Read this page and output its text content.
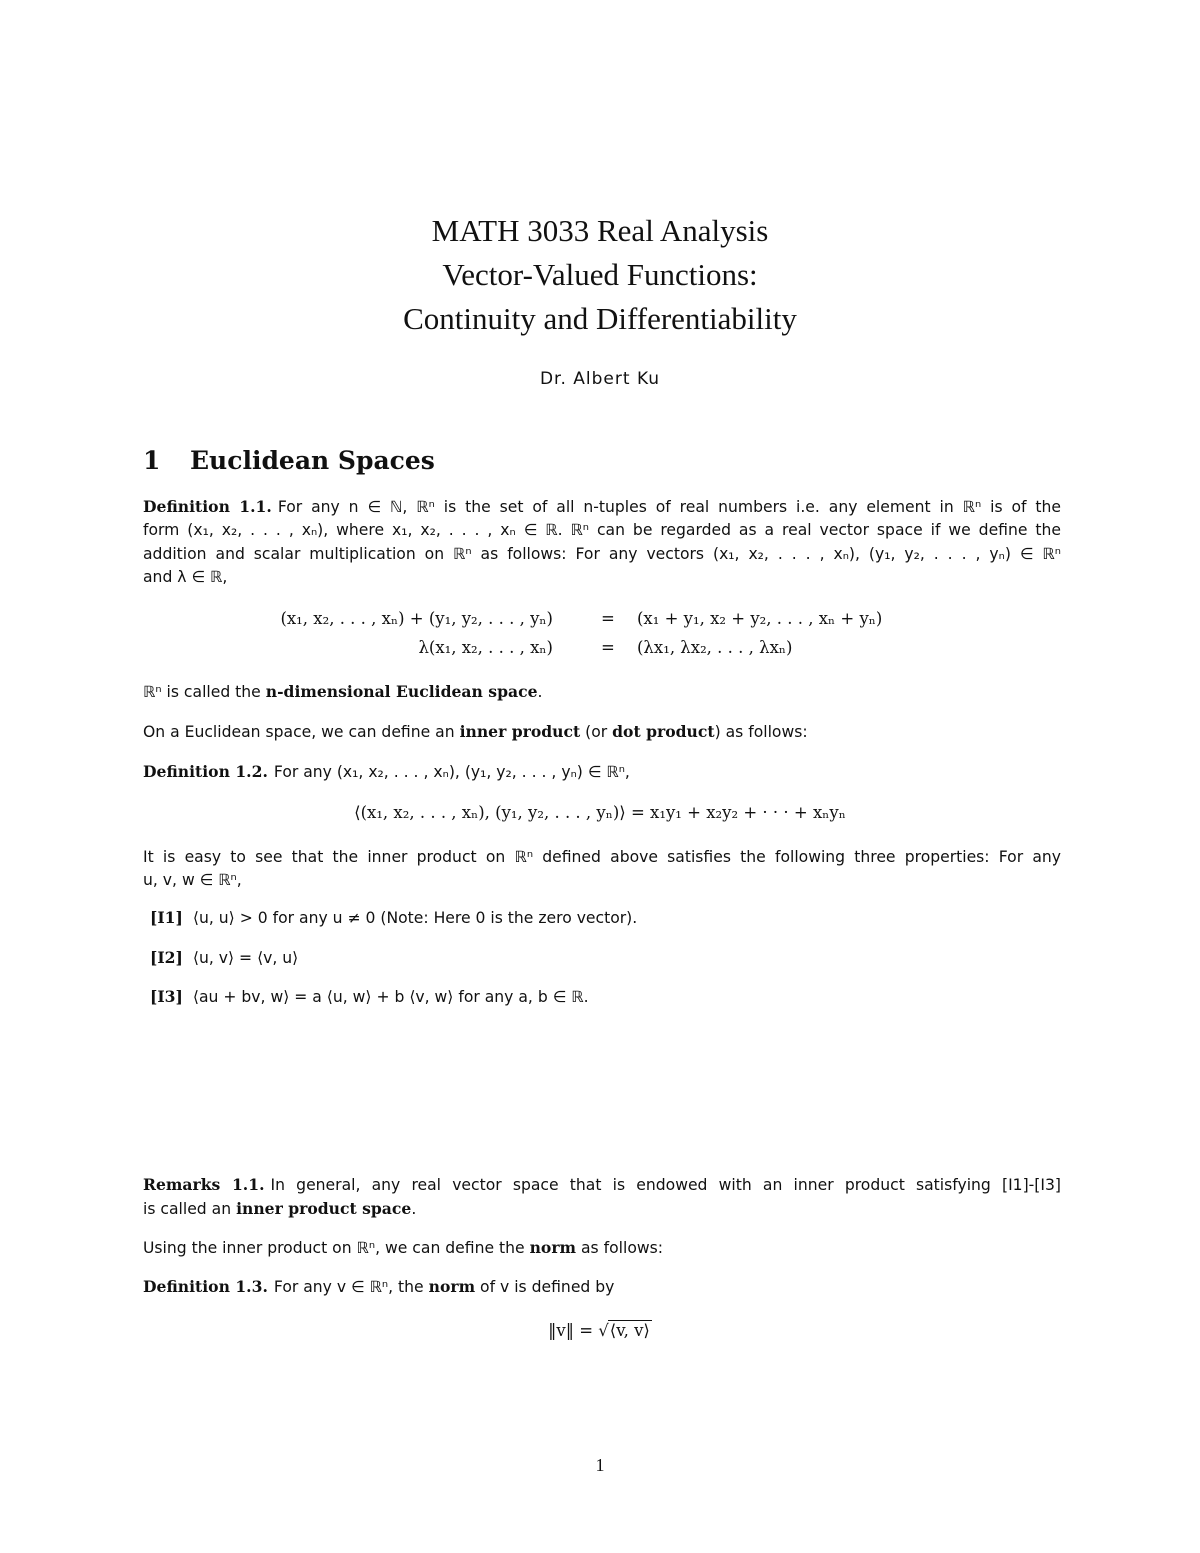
MATH 3033 Real Analysis
Vector-Valued Functions:
Continuity and Differentiability
Dr. Albert Ku
1 Euclidean Spaces
Definition 1.1. For any n ∈ ℕ, ℝⁿ is the set of all n-tuples of real numbers i.e. any element in ℝⁿ is of the
form (x₁, x₂, . . . , xₙ), where x₁, x₂, . . . , xₙ ∈ ℝ. ℝⁿ can be regarded as a real vector space if we define the
addition and scalar multiplication on ℝⁿ as follows: For any vectors (x₁, x₂, . . . , xₙ), (y₁, y₂, . . . , yₙ) ∈ ℝⁿ
and λ ∈ ℝ,
(x₁, x₂, . . . , xₙ) + (y₁, y₂, . . . , yₙ)	= (x₁ + y₁, x₂ + y₂, . . . , xₙ + yₙ)
λ(x₁, x₂, . . . , xₙ)	= (λx₁, λx₂, . . . , λxₙ)
ℝⁿ is called the n-dimensional Euclidean space.
On a Euclidean space, we can define an inner product (or dot product) as follows:
Definition 1.2. For any (x₁, x₂, . . . , xₙ), (y₁, y₂, . . . , yₙ) ∈ ℝⁿ,
⟨(x₁, x₂, . . . , xₙ), (y₁, y₂, . . . , yₙ)⟩ = x₁y₁ + x₂y₂ + · · · + xₙyₙ
It is easy to see that the inner product on ℝⁿ defined above satisfies the following three properties: For any
u, v, w ∈ ℝⁿ,
[I1] ⟨u, u⟩ > 0 for any u ≠ 0 (Note: Here 0 is the zero vector).
[I2] ⟨u, v⟩ = ⟨v, u⟩
[I3] ⟨au + bv, w⟩ = a ⟨u, w⟩ + b ⟨v, w⟩ for any a, b ∈ ℝ.
Remarks 1.1. In general, any real vector space that is endowed with an inner product satisfying [I1]-[I3]
is called an inner product space.
Using the inner product on ℝⁿ, we can define the norm as follows:
Definition 1.3. For any v ∈ ℝⁿ, the norm of v is defined by
‖v‖ = √⟨v, v⟩
1
